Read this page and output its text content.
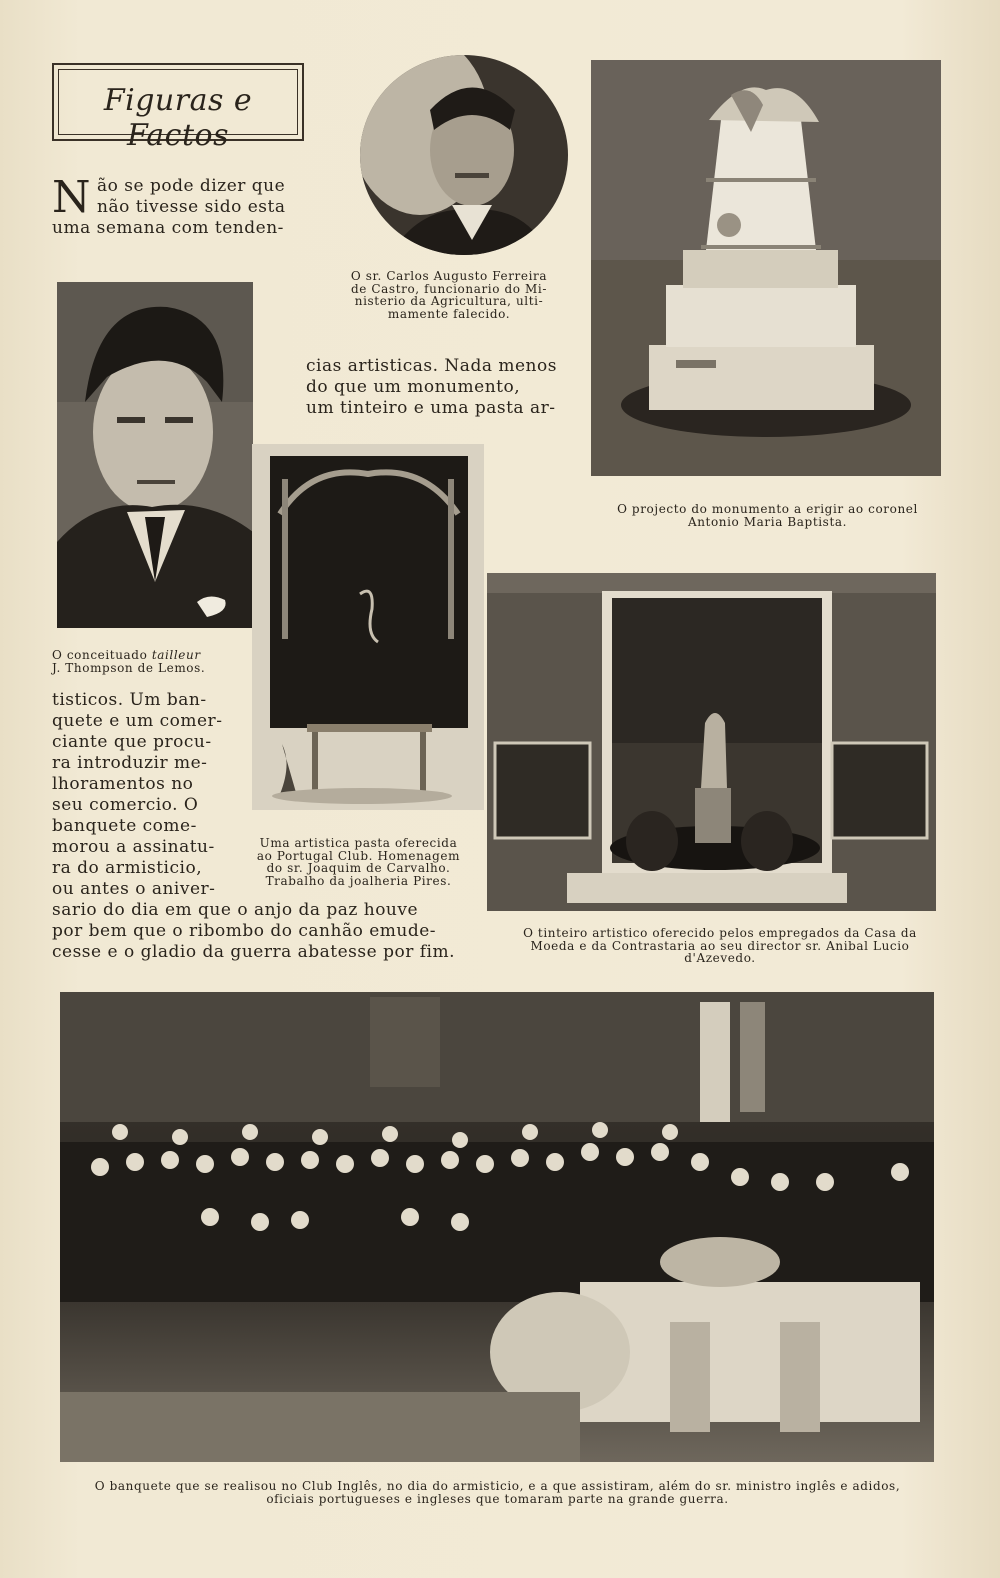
Figuras e Factos
N ão se pode dizer que
não tivesse sido esta
uma semana com tenden-
O sr. Carlos Augusto Ferreira
de Castro, funcionario do Mi-
nisterio da Agricultura, ulti-
mamente falecido.
O projecto do monumento a erigir ao coronel
Antonio Maria Baptista.
O conceituado tailleur
J. Thompson de Lemos.
cias artisticas. Nada menos
do que um monumento,
um tinteiro e uma pasta ar-
Uma artistica pasta oferecida
ao Portugal Club. Homenagem
do sr. Joaquim de Carvalho.
Trabalho da joalheria Pires.
tisticos. Um ban-
quete e um comer-
ciante que procu-
ra introduzir me-
lhoramentos no
seu comercio. O
banquete come-
morou a assinatu-
ra do armisticio,
ou antes o aniver-
sario do dia em que o anjo da paz houve
por bem que o ribombo do canhão emude-
cesse e o gladio da guerra abatesse por fim.
O tinteiro artistico oferecido pelos empregados da Casa da
Moeda e da Contrastaria ao seu director sr. Anibal Lucio
d'Azevedo.
O banquete que se realisou no Club Inglês, no dia do armisticio, e a que assistiram, além do sr. ministro inglês e adidos,
oficiais portugueses e ingleses que tomaram parte na grande guerra.
